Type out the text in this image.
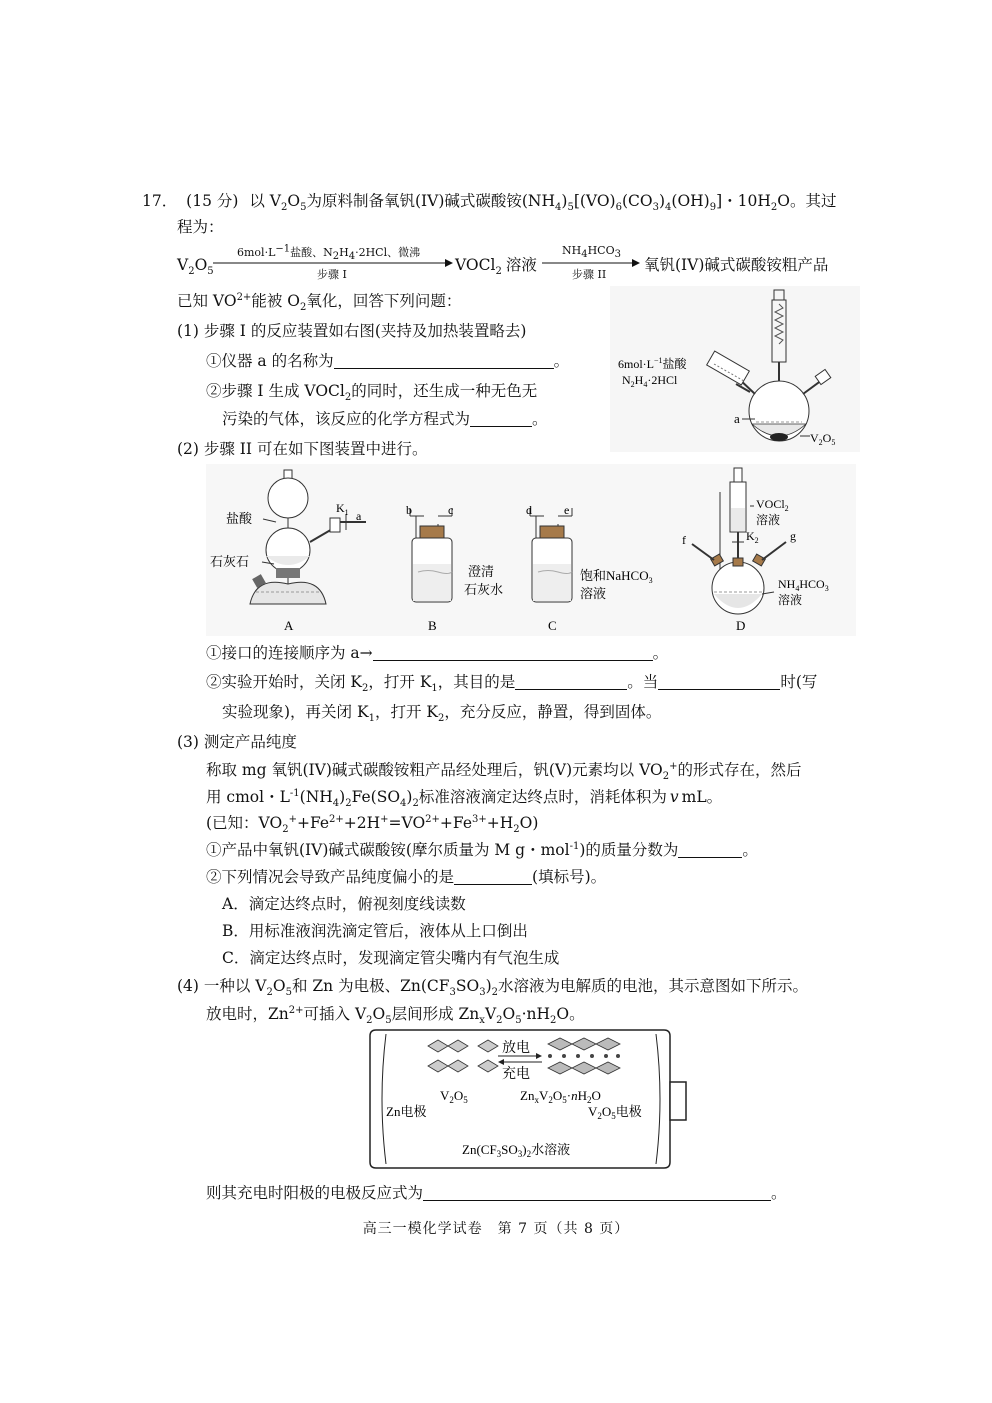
17． (15 分) 以 $V_2O_5$为原料制备氧钒(IV)碱式碳酸铵$(NH_4)_5[(VO)_6(CO_3)_4(OH)_9]$・$10H_2O$。其过
程为：
$V_2O_5$
$6mol\cdot L^{-1}$盐酸、$N_2H_4\cdot 2HCl$、微沸
步骤 I
VOCl$_2$ 溶液
$NH_4HCO_3$
步骤 II
氧钒(IV)碱式碳酸铵粗产品
已知 $VO^{2+}$能被 $O_2$氧化，回答下列问题：
(1) 步骤 I 的反应装置如右图(夹持及加热装置略去)
①仪器 a 的名称为	。
②步骤 I 生成 VOCl$_2$的同时，还生成一种无色无
污染的气体，该反应的化学方程式为	。	a
$6mol\cdot L^{-1}$盐酸
$N_2H_4\cdot 2HCl$
$V_2O_5$
(2) 步骤 II 可在如下图装置中进行。
盐酸
石灰石
$K_1$ a
A
b	c
澄清
石灰水
B
d	e
饱和NaHCO$_3$
溶液
C
VOCl$_2$
溶液
$K_2$
f	g
$NH_4HCO_3$
溶液
D
①接口的连接顺序为 a→	。
②实验开始时，关闭 $K_2$，打开 $K_1$，其目的是	。当	时(写
实验现象)，再关闭 $K_1$，打开 $K_2$，充分反应，静置，得到固体。
(3) 测定产品纯度
称取 mg 氧钒(IV)碱式碳酸铵粗产品经处理后，钒(V)元素均以 $VO_2^+$的形式存在，然后
用 cmol・$L^{-1}(NH_4)_2Fe(SO_4)_2$标准溶液滴定达终点时，消耗体积为 v mL。
(已知：$VO_2^++Fe^{2+}+2H^+=VO^{2+}+Fe^{3+}+H_2O$)
①产品中氧钒(IV)碱式碳酸铵(摩尔质量为 M g・mol$^{-1}$)的质量分数为	。
②下列情况会导致产品纯度偏小的是	(填标号)。
A．滴定达终点时，俯视刻度线读数
B．用标准液润洗滴定管后，液体从上口倒出
C．滴定达终点时，发现滴定管尖嘴内有气泡生成
(4) 一种以 $V_2O_5$和 Zn 为电极、$Zn(CF_3SO_3)_2$水溶液为电解质的电池，其示意图如下所示。
放电时，$Zn^{2+}$可插入 $V_2O_5$层间形成 $Zn_xV_2O_5\cdot nH_2O$。
放电
充电
$V_2O_5$
Zn电极
$Zn_xV_2O_5\cdot nH_2O$
$V_2O_5$电极
$Zn(CF_3SO_3)_2$水溶液
则其充电时阳极的电极反应式为	。
高三一模化学试卷　第 7 页（共 8 页）
